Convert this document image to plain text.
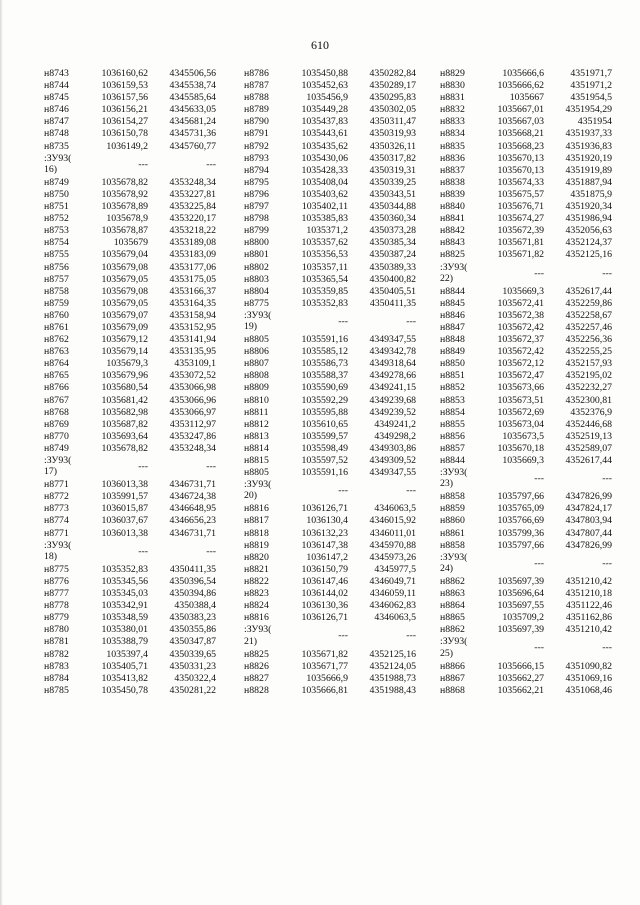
610
н8743	1036160,62	4345506,56
н8744	1036159,53	4345538,74
н8745	1036157,56	4345585,64
н8746	1036156,21	4345633,05
н8747	1036154,27	4345681,24
н8748	1036150,78	4345731,36
н8735	1036149,2	4345760,77
:ЗУ93(
16)	---	---
н8749	1035678,82	4353248,34
н8750	1035678,92	4353227,81
н8751	1035678,89	4353225,84
н8752	1035678,9	4353220,17
н8753	1035678,87	4353218,22
н8754	1035679	4353189,08
н8755	1035679,04	4353183,09
н8756	1035679,08	4353177,06
н8757	1035679,05	4353175,05
н8758	1035679,08	4353166,37
н8759	1035679,05	4353164,35
н8760	1035679,07	4353158,94
н8761	1035679,09	4353152,95
н8762	1035679,12	4353141,94
н8763	1035679,14	4353135,95
н8764	1035679,3	4353109,1
н8765	1035679,96	4353072,52
н8766	1035680,54	4353066,98
н8767	1035681,42	4353066,96
н8768	1035682,98	4353066,97
н8769	1035687,82	4353112,97
н8770	1035693,64	4353247,86
н8749	1035678,82	4353248,34
:ЗУ93(
17)	---	---
н8771	1036013,38	4346731,71
н8772	1035991,57	4346724,38
н8773	1036015,87	4346648,95
н8774	1036037,67	4346656,23
н8771	1036013,38	4346731,71
:ЗУ93(
18)	---	---
н8775	1035352,83	4350411,35
н8776	1035345,56	4350396,54
н8777	1035345,03	4350394,86
н8778	1035342,91	4350388,4
н8779	1035348,59	4350383,23
н8780	1035380,01	4350355,86
н8781	1035388,79	4350347,87
н8782	1035397,4	4350339,65
н8783	1035405,71	4350331,23
н8784	1035413,82	4350322,4
н8785	1035450,78	4350281,22
н8786	1035450,88	4350282,84
н8787	1035452,63	4350289,17
н8788	1035456,9	4350295,83
н8789	1035449,28	4350302,05
н8790	1035437,83	4350311,47
н8791	1035443,61	4350319,93
н8792	1035435,62	4350326,11
н8793	1035430,06	4350317,82
н8794	1035428,33	4350319,31
н8795	1035408,04	4350339,25
н8796	1035403,62	4350343,51
н8797	1035402,11	4350344,88
н8798	1035385,83	4350360,34
н8799	1035371,2	4350373,28
н8800	1035357,62	4350385,34
н8801	1035356,53	4350387,24
н8802	1035357,11	4350389,33
н8803	1035365,54	4350400,82
н8804	1035359,85	4350405,51
н8775	1035352,83	4350411,35
:ЗУ93(
19)	---	---
н8805	1035591,16	4349347,55
н8806	1035585,12	4349342,78
н8807	1035586,73	4349318,64
н8808	1035588,37	4349278,66
н8809	1035590,69	4349241,15
н8810	1035592,29	4349239,68
н8811	1035595,88	4349239,52
н8812	1035610,65	4349241,2
н8813	1035599,57	4349298,2
н8814	1035598,49	4349303,86
н8815	1035597,52	4349309,52
н8805	1035591,16	4349347,55
:ЗУ93(
20)	---	---
н8816	1036126,71	4346063,5
н8817	1036130,4	4346015,92
н8818	1036132,23	4346011,01
н8819	1036147,38	4345970,88
н8820	1036147,2	4345973,26
н8821	1036150,79	4345977,5
н8822	1036147,46	4346049,71
н8823	1036144,02	4346059,11
н8824	1036130,36	4346062,83
н8816	1036126,71	4346063,5
:ЗУ93(
21)	---	---
н8825	1035671,82	4352125,16
н8826	1035671,77	4352124,05
н8827	1035666,9	4351988,73
н8828	1035666,81	4351988,43
н8829	1035666,6	4351971,7
н8830	1035666,62	4351971,2
н8831	1035667	4351954,5
н8832	1035667,01	4351954,29
н8833	1035667,03	4351954
н8834	1035668,21	4351937,33
н8835	1035668,23	4351936,83
н8836	1035670,13	4351920,19
н8837	1035670,13	4351919,89
н8838	1035674,33	4351887,94
н8839	1035675,57	4351875,9
н8840	1035676,71	4351920,34
н8841	1035674,27	4351986,94
н8842	1035672,39	4352056,63
н8843	1035671,81	4352124,37
н8825	1035671,82	4352125,16
:ЗУ93(
22)	---	---
н8844	1035669,3	4352617,44
н8845	1035672,41	4352259,86
н8846	1035672,38	4352258,67
н8847	1035672,42	4352257,46
н8848	1035672,37	4352256,36
н8849	1035672,42	4352255,25
н8850	1035672,12	4352157,93
н8851	1035672,47	4352195,02
н8852	1035673,66	4352232,27
н8853	1035673,51	4352300,81
н8854	1035672,69	4352376,9
н8855	1035673,04	4352446,68
н8856	1035673,5	4352519,13
н8857	1035670,18	4352589,07
н8844	1035669,3	4352617,44
:ЗУ93(
23)	---	---
н8858	1035797,66	4347826,99
н8859	1035765,09	4347824,17
н8860	1035766,69	4347803,94
н8861	1035799,36	4347807,44
н8858	1035797,66	4347826,99
:ЗУ93(
24)	---	---
н8862	1035697,39	4351210,42
н8863	1035696,64	4351210,18
н8864	1035697,55	4351122,46
н8865	1035709,2	4351162,86
н8862	1035697,39	4351210,42
:ЗУ93(
25)	---	---
н8866	1035666,15	4351090,82
н8867	1035662,27	4351069,16
н8868	1035662,21	4351068,46
